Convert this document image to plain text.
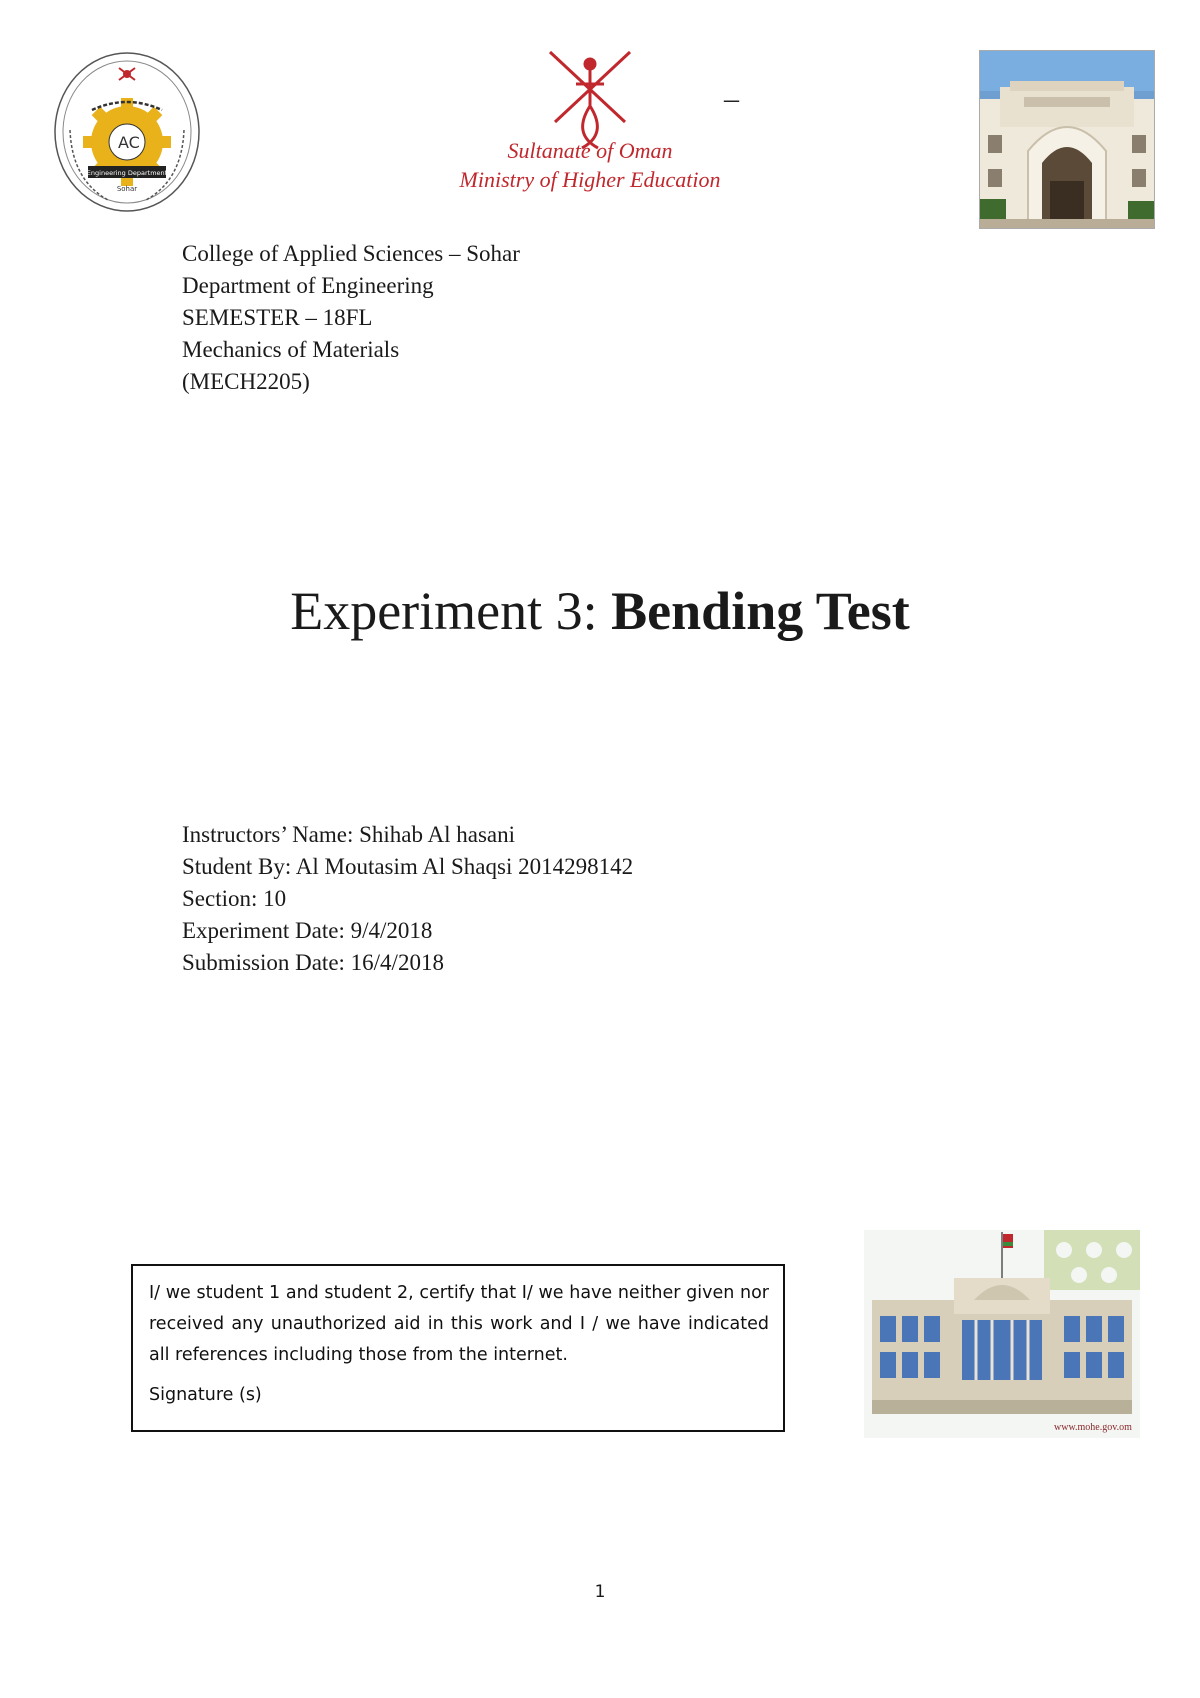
AC
Engineering Department
Sohar
Sultanate of Oman
Ministry of Higher Education
–
College of Applied Sciences – Sohar
Department of Engineering
SEMESTER – 18FL
Mechanics of Materials
(MECH2205)
Experiment 3: Bending Test
Instructors’ Name: Shihab Al hasani
Student By: Al Moutasim Al Shaqsi 2014298142
Section: 10
Experiment Date: 9/4/2018
Submission Date: 16/4/2018

I/ we student 1 and student 2, certify that I/ we have neither given nor received any unauthorized aid in this work and I / we have indicated all references including those from the internet.

Signature (s)

www.mohe.gov.om
1
